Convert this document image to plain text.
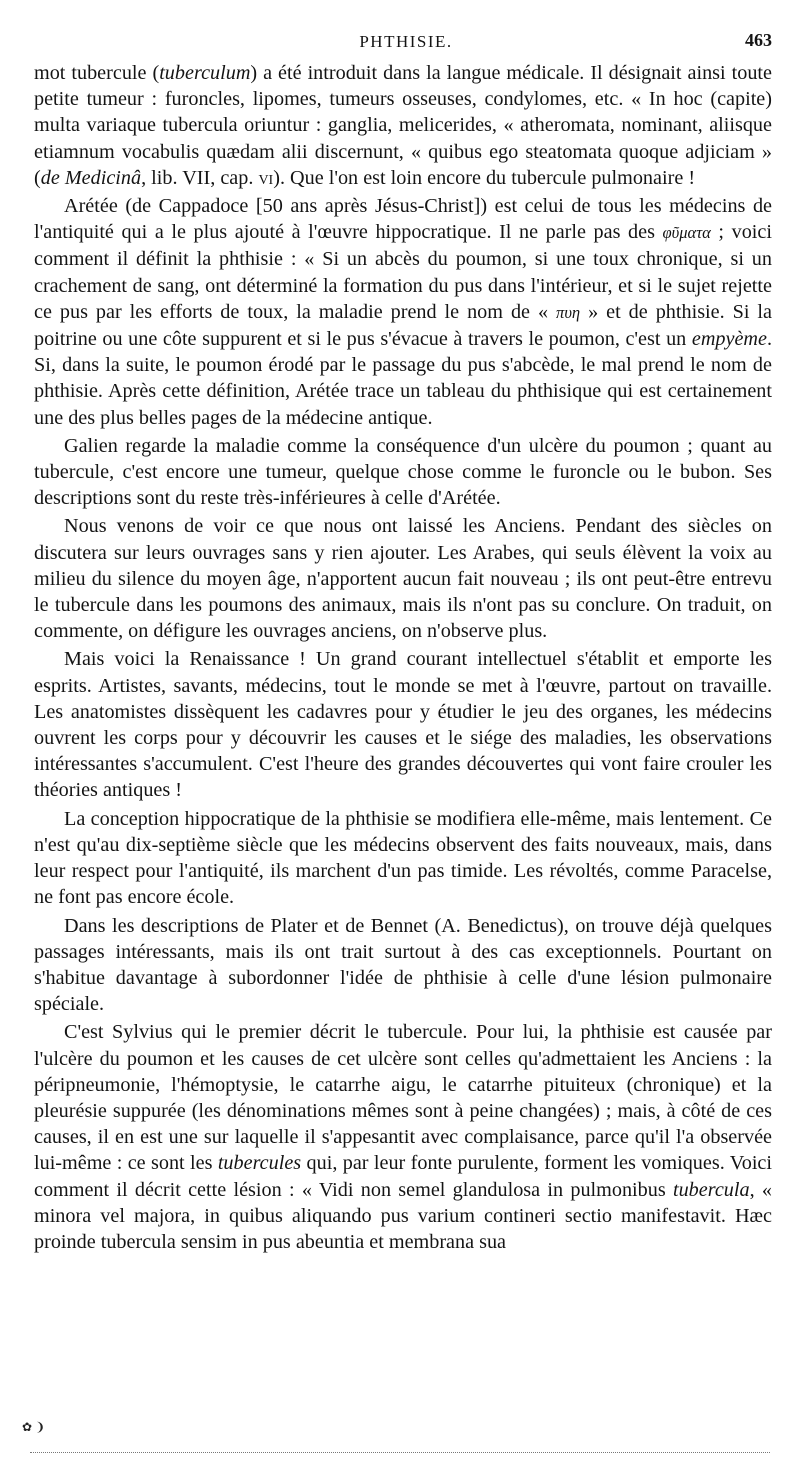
PHTHISIE.	463

mot tubercule (tuberculum) a été introduit dans la langue médicale. Il désignait ainsi toute petite tumeur : furoncles, lipomes, tumeurs osseuses, condylomes, etc. « In hoc (capite) multa variaque tubercula oriuntur : ganglia, melicerides, « atheromata, nominant, aliisque etiamnum vocabulis quædam alii discernunt, « quibus ego steatomata quoque adjiciam » (de Medicinâ, lib. VII, cap. vi). Que l'on est loin encore du tubercule pulmonaire !

Arétée (de Cappadoce [50 ans après Jésus-Christ]) est celui de tous les médecins de l'antiquité qui a le plus ajouté à l'œuvre hippocratique. Il ne parle pas des φῦματα ; voici comment il définit la phthisie : « Si un abcès du poumon, si une toux chronique, si un crachement de sang, ont déterminé la formation du pus dans l'intérieur, et si le sujet rejette ce pus par les efforts de toux, la maladie prend le nom de « πυη » et de phthisie. Si la poitrine ou une côte suppurent et si le pus s'évacue à travers le poumon, c'est un empyème. Si, dans la suite, le poumon érodé par le passage du pus s'abcède, le mal prend le nom de phthisie. Après cette définition, Arétée trace un tableau du phthisique qui est certainement une des plus belles pages de la médecine antique.

Galien regarde la maladie comme la conséquence d'un ulcère du poumon ; quant au tubercule, c'est encore une tumeur, quelque chose comme le furoncle ou le bubon. Ses descriptions sont du reste très-inférieures à celle d'Arétée.

Nous venons de voir ce que nous ont laissé les Anciens. Pendant des siècles on discutera sur leurs ouvrages sans y rien ajouter. Les Arabes, qui seuls élèvent la voix au milieu du silence du moyen âge, n'apportent aucun fait nouveau ; ils ont peut-être entrevu le tubercule dans les poumons des animaux, mais ils n'ont pas su conclure. On traduit, on commente, on défigure les ouvrages anciens, on n'observe plus.

Mais voici la Renaissance ! Un grand courant intellectuel s'établit et emporte les esprits. Artistes, savants, médecins, tout le monde se met à l'œuvre, partout on travaille. Les anatomistes dissèquent les cadavres pour y étudier le jeu des organes, les médecins ouvrent les corps pour y découvrir les causes et le siége des maladies, les observations intéressantes s'accumulent. C'est l'heure des grandes découvertes qui vont faire crouler les théories antiques !

La conception hippocratique de la phthisie se modifiera elle-même, mais lentement. Ce n'est qu'au dix-septième siècle que les médecins observent des faits nouveaux, mais, dans leur respect pour l'antiquité, ils marchent d'un pas timide. Les révoltés, comme Paracelse, ne font pas encore école.

Dans les descriptions de Plater et de Bennet (A. Benedictus), on trouve déjà quelques passages intéressants, mais ils ont trait surtout à des cas exceptionnels. Pourtant on s'habitue davantage à subordonner l'idée de phthisie à celle d'une lésion pulmonaire spéciale.

C'est Sylvius qui le premier décrit le tubercule. Pour lui, la phthisie est causée par l'ulcère du poumon et les causes de cet ulcère sont celles qu'admettaient les Anciens : la péripneumonie, l'hémoptysie, le catarrhe aigu, le catarrhe pituiteux (chronique) et la pleurésie suppurée (les dénominations mêmes sont à peine changées) ; mais, à côté de ces causes, il en est une sur laquelle il s'appesantit avec complaisance, parce qu'il l'a observée lui-même : ce sont les tubercules qui, par leur fonte purulente, forment les vomiques. Voici comment il décrit cette lésion : « Vidi non semel glandulosa in pulmonibus tubercula, « minora vel majora, in quibus aliquando pus varium contineri sectio manifestavit. Hæc proinde tubercula sensim in pus abeuntia et membrana sua

✿ ❩
